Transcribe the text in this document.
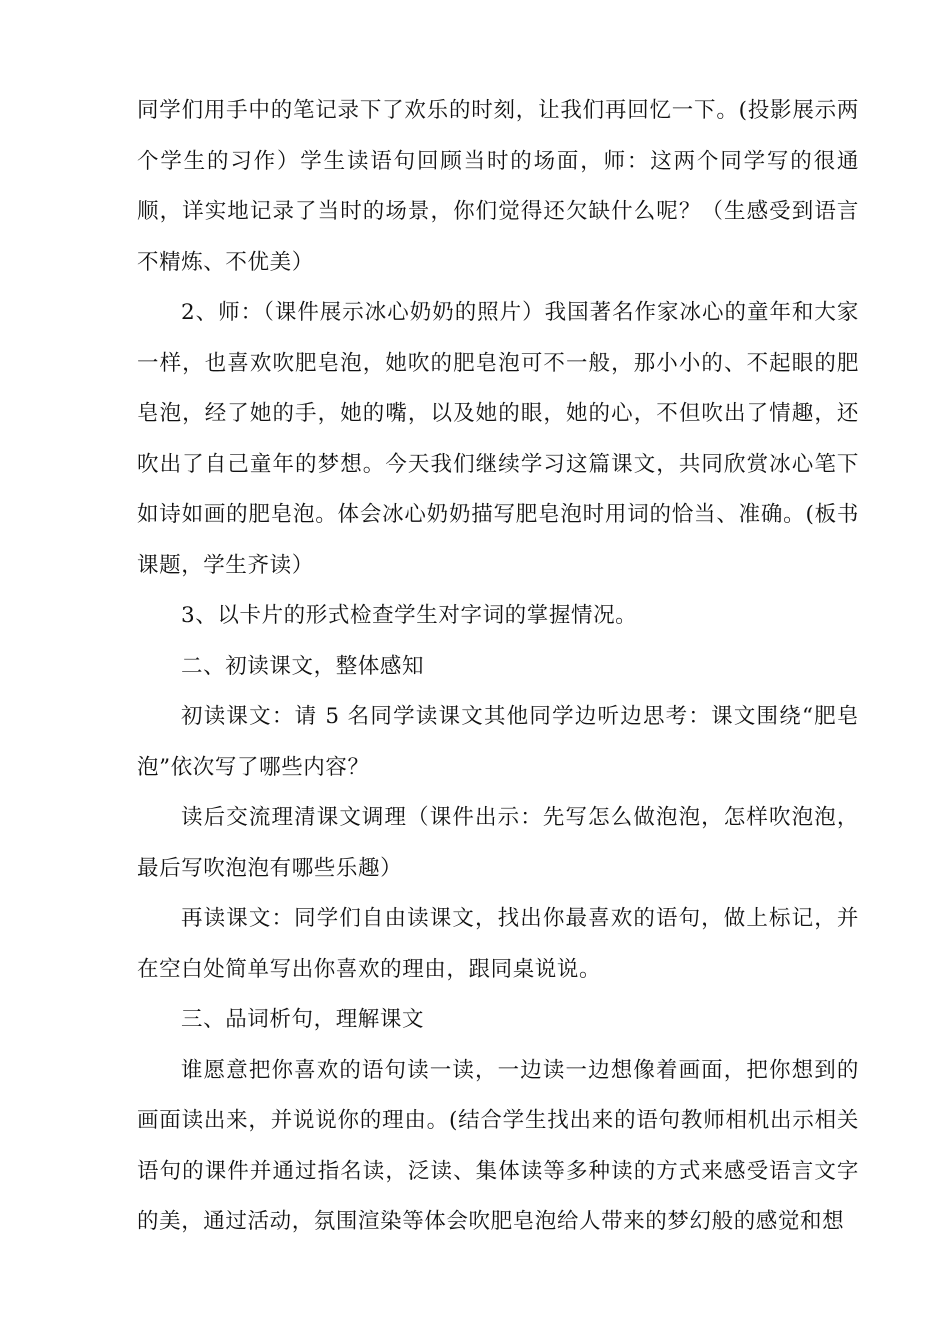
同学们用手中的笔记录下了欢乐的时刻，让我们再回忆一下。(投影展示两个学生的习作）学生读语句回顾当时的场面，师：这两个同学写的很通顺，详实地记录了当时的场景，你们觉得还欠缺什么呢？（生感受到语言不精炼、不优美）

2、师：（课件展示冰心奶奶的照片）我国著名作家冰心的童年和大家一样，也喜欢吹肥皂泡，她吹的肥皂泡可不一般，那小小的、不起眼的肥皂泡，经了她的手，她的嘴，以及她的眼，她的心，不但吹出了情趣，还吹出了自己童年的梦想。今天我们继续学习这篇课文，共同欣赏冰心笔下如诗如画的肥皂泡。体会冰心奶奶描写肥皂泡时用词的恰当、准确。(板书课题，学生齐读）

3、以卡片的形式检查学生对字词的掌握情况。

二、初读课文，整体感知

初读课文：请 5 名同学读课文其他同学边听边思考：课文围绕“肥皂泡”依次写了哪些内容？

读后交流理清课文调理（课件出示：先写怎么做泡泡，怎样吹泡泡，最后写吹泡泡有哪些乐趣）

再读课文：同学们自由读课文，找出你最喜欢的语句，做上标记，并在空白处简单写出你喜欢的理由，跟同桌说说。

三、品词析句，理解课文

谁愿意把你喜欢的语句读一读，一边读一边想像着画面，把你想到的画面读出来，并说说你的理由。(结合学生找出来的语句教师相机出示相关语句的课件并通过指名读，泛读、集体读等多种读的方式来感受语言文字的美，通过活动，氛围渲染等体会吹肥皂泡给人带来的梦幻般的感觉和想
